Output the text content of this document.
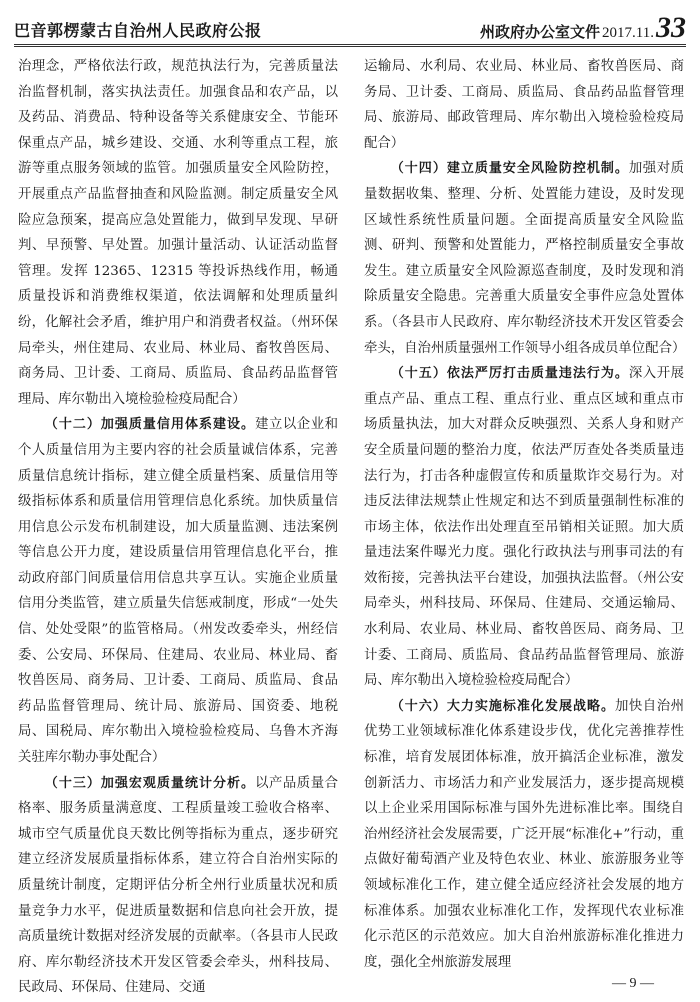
巴音郭楞蒙古自治州人民政府公报	州政府办公室文件 2017.11. 33

治理念，严格依法行政，规范执法行为，完善质量法治监督机制，落实执法责任。加强食品和农产品，以及药品、消费品、特种设备等关系健康安全、节能环保重点产品，城乡建设、交通、水利等重点工程，旅游等重点服务领域的监管。加强质量安全风险防控，开展重点产品监督抽查和风险监测。制定质量安全风险应急预案，提高应急处置能力，做到早发现、早研判、早预警、早处置。加强计量活动、认证活动监督管理。发挥 12365、12315 等投诉热线作用，畅通质量投诉和消费维权渠道，依法调解和处理质量纠纷，化解社会矛盾，维护用户和消费者权益。（州环保局牵头，州住建局、农业局、林业局、畜牧兽医局、商务局、卫计委、工商局、质监局、食品药品监督管理局、库尔勒出入境检验检疫局配合）

（十二）加强质量信用体系建设。建立以企业和个人质量信用为主要内容的社会质量诚信体系，完善质量信息统计指标，建立健全质量档案、质量信用等级指标体系和质量信用管理信息化系统。加快质量信用信息公示发布机制建设，加大质量监测、违法案例等信息公开力度，建设质量信用管理信息化平台，推动政府部门间质量信用信息共享互认。实施企业质量信用分类监管，建立质量失信惩戒制度，形成“一处失信、处处受限”的监管格局。（州发改委牵头，州经信委、公安局、环保局、住建局、农业局、林业局、畜牧兽医局、商务局、卫计委、工商局、质监局、食品药品监督管理局、统计局、旅游局、国资委、地税局、国税局、库尔勒出入境检验检疫局、乌鲁木齐海关驻库尔勒办事处配合）

（十三）加强宏观质量统计分析。以产品质量合格率、服务质量满意度、工程质量竣工验收合格率、城市空气质量优良天数比例等指标为重点，逐步研究建立经济发展质量指标体系，建立符合自治州实际的质量统计制度，定期评估分析全州行业质量状况和质量竞争力水平，促进质量数据和信息向社会开放，提高质量统计数据对经济发展的贡献率。（各县市人民政府、库尔勒经济技术开发区管委会牵头，州科技局、民政局、环保局、住建局、交通

运输局、水利局、农业局、林业局、畜牧兽医局、商务局、卫计委、工商局、质监局、食品药品监督管理局、旅游局、邮政管理局、库尔勒出入境检验检疫局配合）

（十四）建立质量安全风险防控机制。加强对质量数据收集、整理、分析、处置能力建设，及时发现区域性系统性质量问题。全面提高质量安全风险监测、研判、预警和处置能力，严格控制质量安全事故发生。建立质量安全风险源巡查制度，及时发现和消除质量安全隐患。完善重大质量安全事件应急处置体系。（各县市人民政府、库尔勒经济技术开发区管委会牵头，自治州质量强州工作领导小组各成员单位配合）

（十五）依法严厉打击质量违法行为。深入开展重点产品、重点工程、重点行业、重点区域和重点市场质量执法，加大对群众反映强烈、关系人身和财产安全质量问题的整治力度，依法严厉查处各类质量违法行为，打击各种虚假宣传和质量欺诈交易行为。对违反法律法规禁止性规定和达不到质量强制性标准的市场主体，依法作出处理直至吊销相关证照。加大质量违法案件曝光力度。强化行政执法与刑事司法的有效衔接，完善执法平台建设，加强执法监督。（州公安局牵头，州科技局、环保局、住建局、交通运输局、水利局、农业局、林业局、畜牧兽医局、商务局、卫计委、工商局、质监局、食品药品监督管理局、旅游局、库尔勒出入境检验检疫局配合）

（十六）大力实施标准化发展战略。加快自治州优势工业领域标准化体系建设步伐，优化完善推荐性标准，培育发展团体标准，放开搞活企业标准，激发创新活力、市场活力和产业发展活力，逐步提高规模以上企业采用国际标准与国外先进标准比率。围绕自治州经济社会发展需要，广泛开展“标准化+”行动，重点做好葡萄酒产业及特色农业、林业、旅游服务业等领域标准化工作，建立健全适应经济社会发展的地方标准体系。加强农业标准化工作，发挥现代农业标准化示范区的示范效应。加大自治州旅游标准化推进力度，强化全州旅游发展理

— 9 —
